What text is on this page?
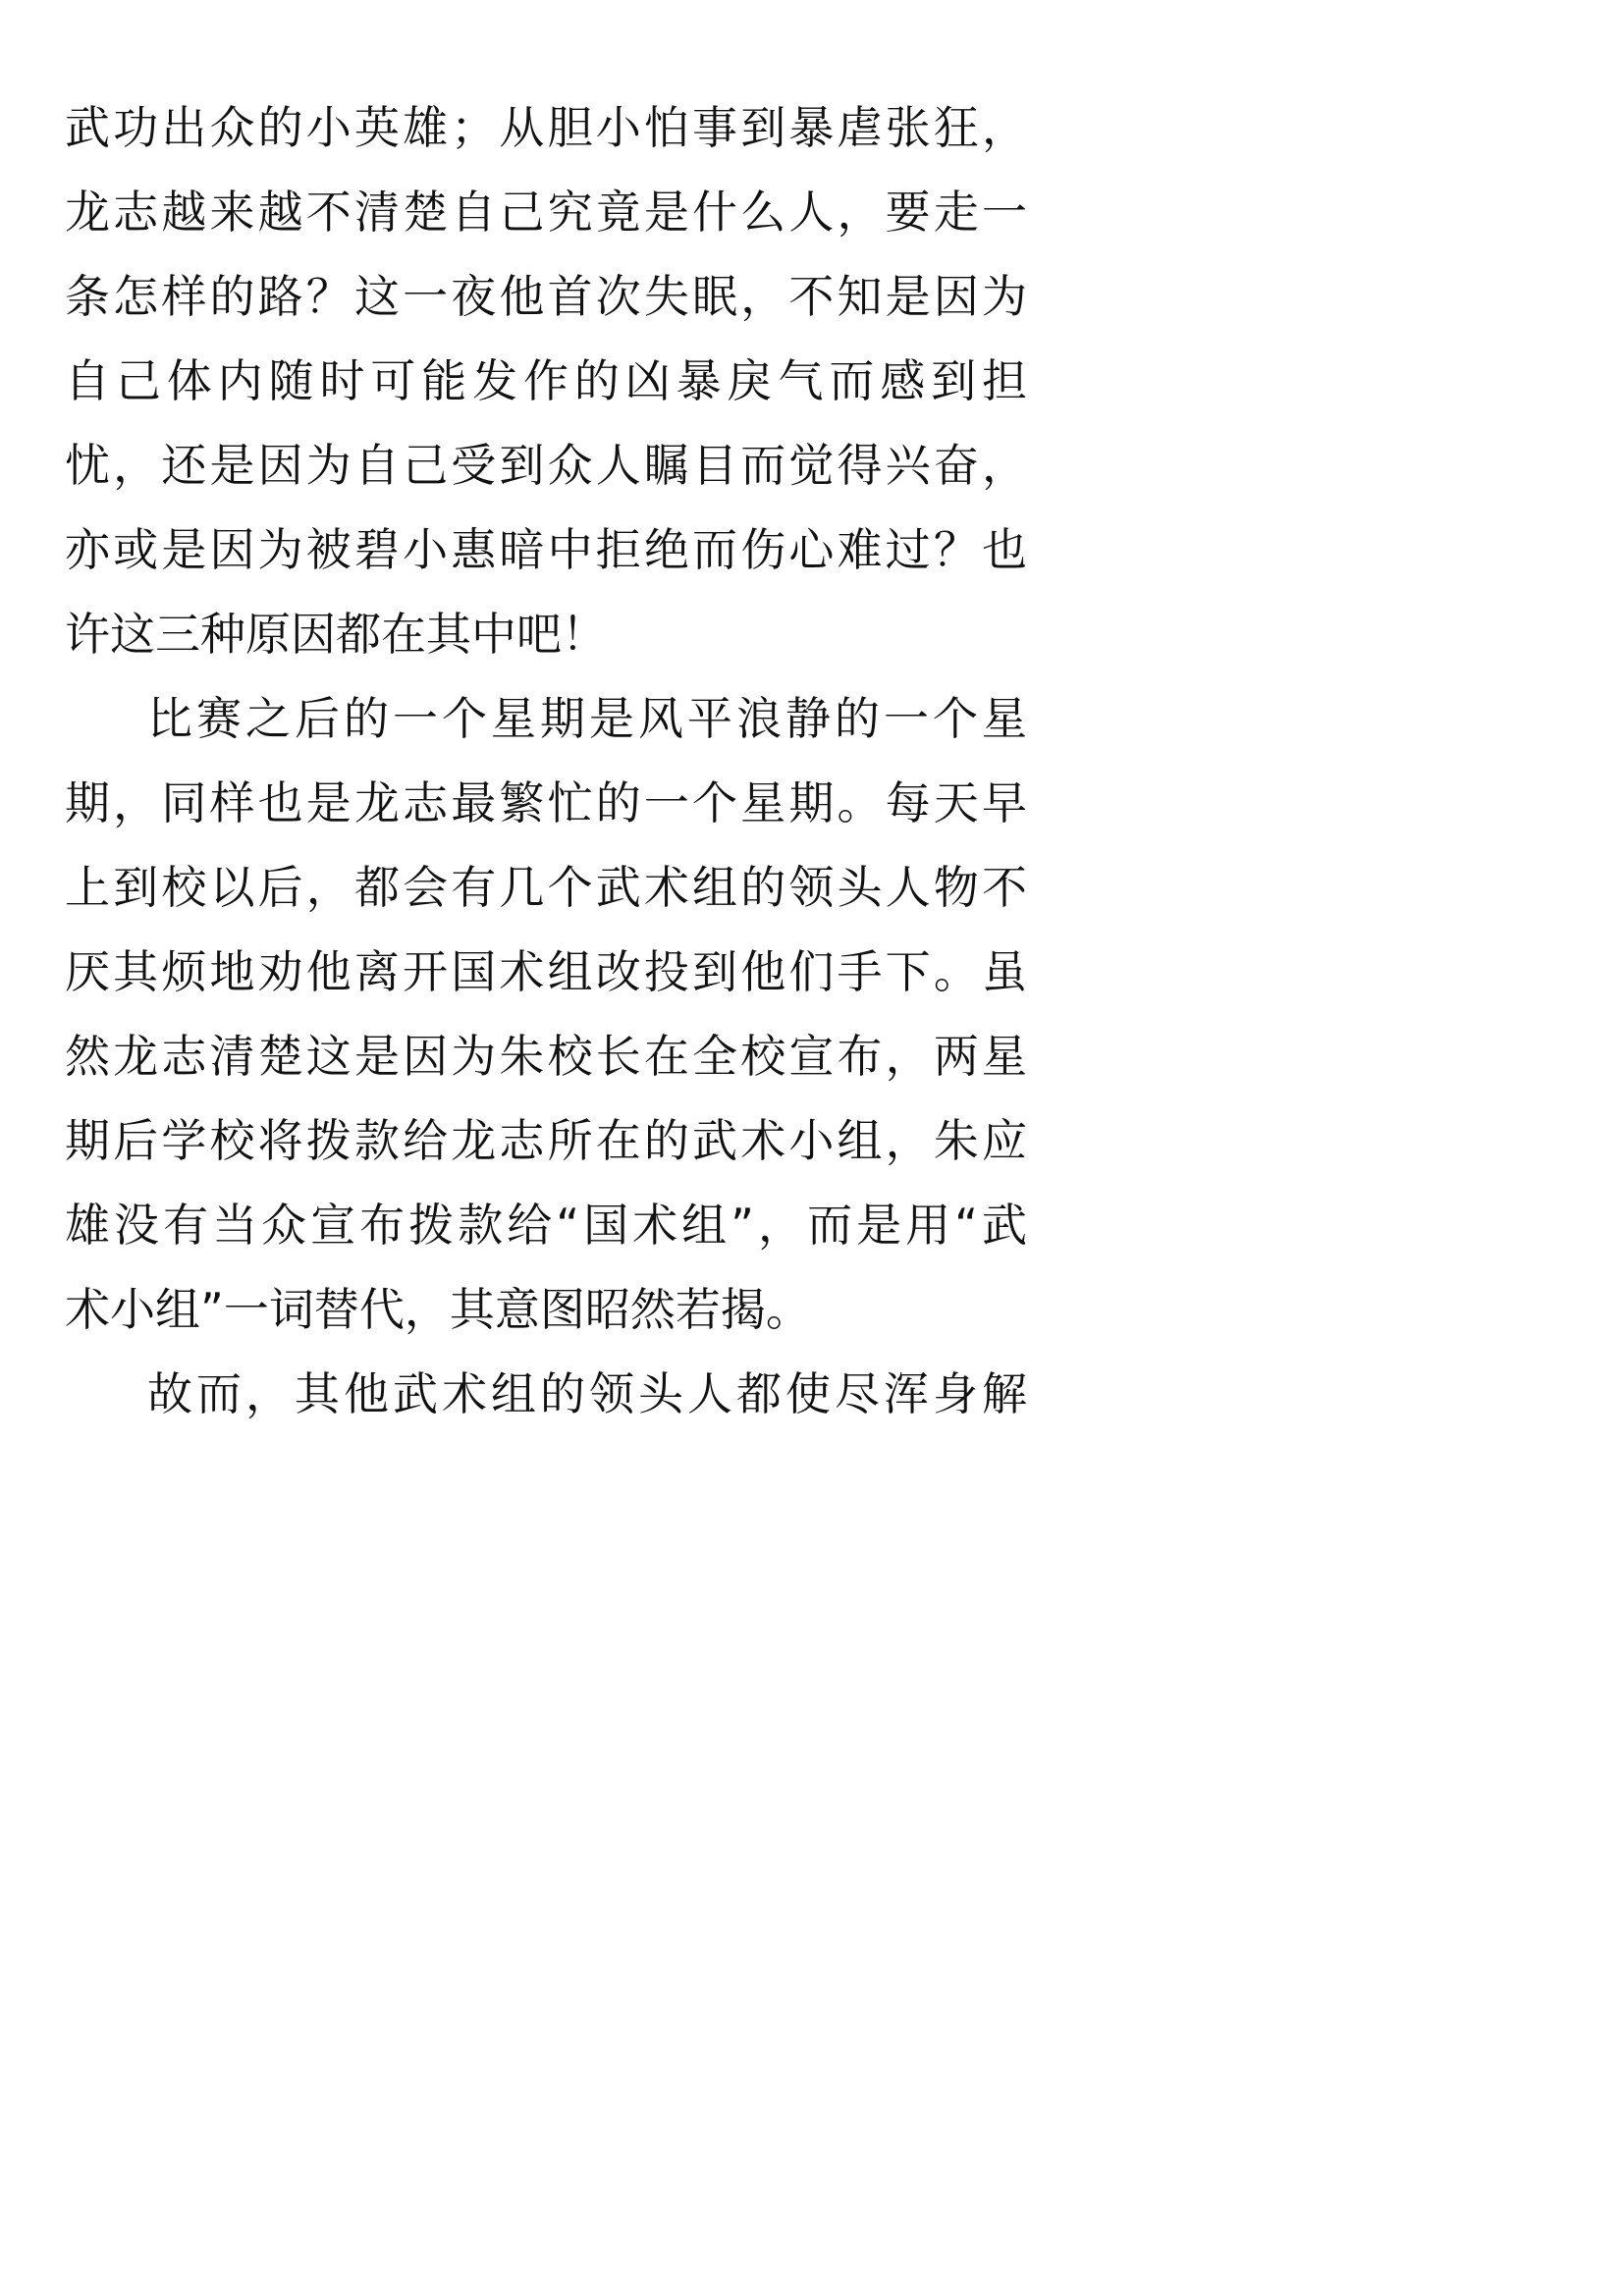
武功出众的小英雄；从胆小怕事到暴虐张狂，
龙志越来越不清楚自己究竟是什么人，要走一
条怎样的路？这一夜他首次失眠，不知是因为
自己体内随时可能发作的凶暴戾气而感到担
忧，还是因为自己受到众人瞩目而觉得兴奋，
亦或是因为被碧小惠暗中拒绝而伤心难过？也
许这三种原因都在其中吧！
比赛之后的一个星期是风平浪静的一个星
期，同样也是龙志最繁忙的一个星期。每天早
上到校以后，都会有几个武术组的领头人物不
厌其烦地劝他离开国术组改投到他们手下。虽
然龙志清楚这是因为朱校长在全校宣布，两星
期后学校将拨款给龙志所在的武术小组，朱应
雄没有当众宣布拨款给“国术组”，而是用“武
术小组”一词替代，其意图昭然若揭。
故而，其他武术组的领头人都使尽浑身解
